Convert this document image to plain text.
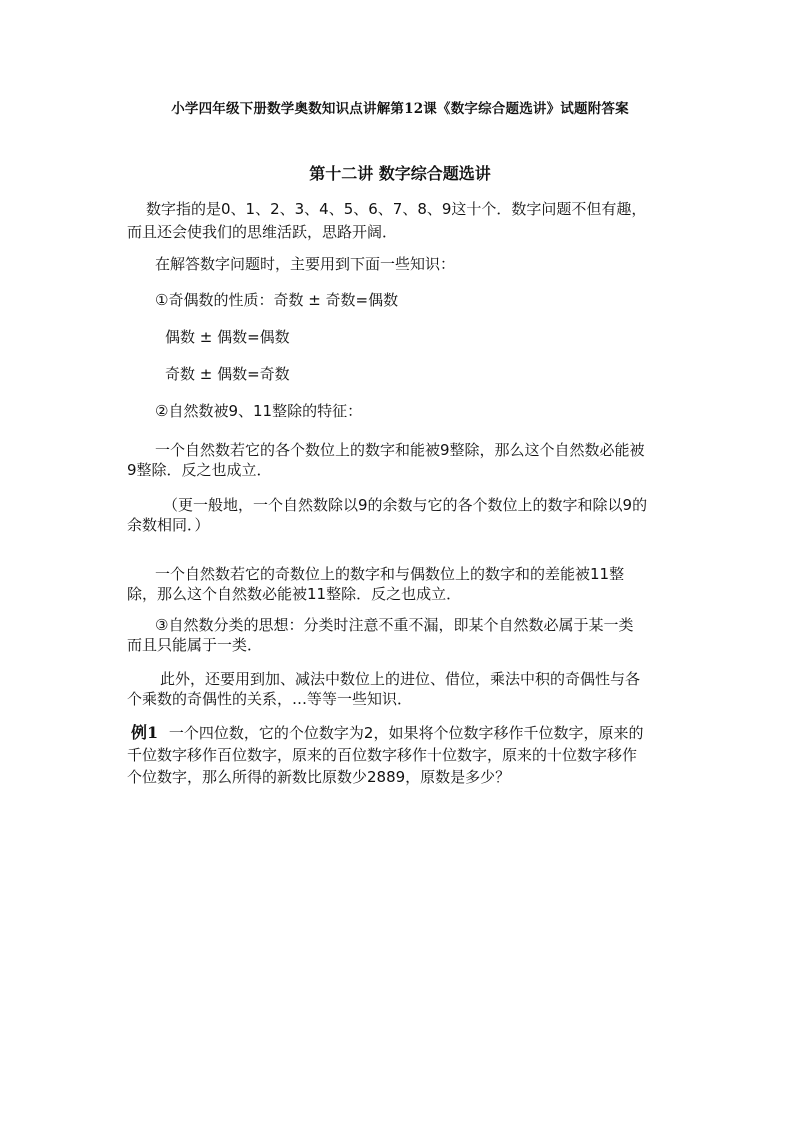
小学四年级下册数学奥数知识点讲解第12课《数字综合题选讲》试题附答案
第十二讲 数字综合题选讲
数字指的是0、1、2、3、4、5、6、7、8、9这十个．数字问题不但有趣，
而且还会使我们的思维活跃，思路开阔．
在解答数字问题时，主要用到下面一些知识：
①奇偶数的性质：奇数 ± 奇数=偶数
偶数 ± 偶数=偶数
奇数 ± 偶数=奇数
②自然数被9、11整除的特征：
一个自然数若它的各个数位上的数字和能被9整除，那么这个自然数必能被
9整除．反之也成立．
（更一般地，一个自然数除以9的余数与它的各个数位上的数字和除以9的
余数相同．）
一个自然数若它的奇数位上的数字和与偶数位上的数字和的差能被11整
除，那么这个自然数必能被11整除．反之也成立．
③自然数分类的思想：分类时注意不重不漏，即某个自然数必属于某一类
而且只能属于一类．
此外，还要用到加、减法中数位上的进位、借位，乘法中积的奇偶性与各
个乘数的奇偶性的关系，…等等一些知识．
例1 一个四位数，它的个位数字为2，如果将个位数字移作千位数字，原来的
千位数字移作百位数字，原来的百位数字移作十位数字，原来的十位数字移作
个位数字，那么所得的新数比原数少2889，原数是多少？
